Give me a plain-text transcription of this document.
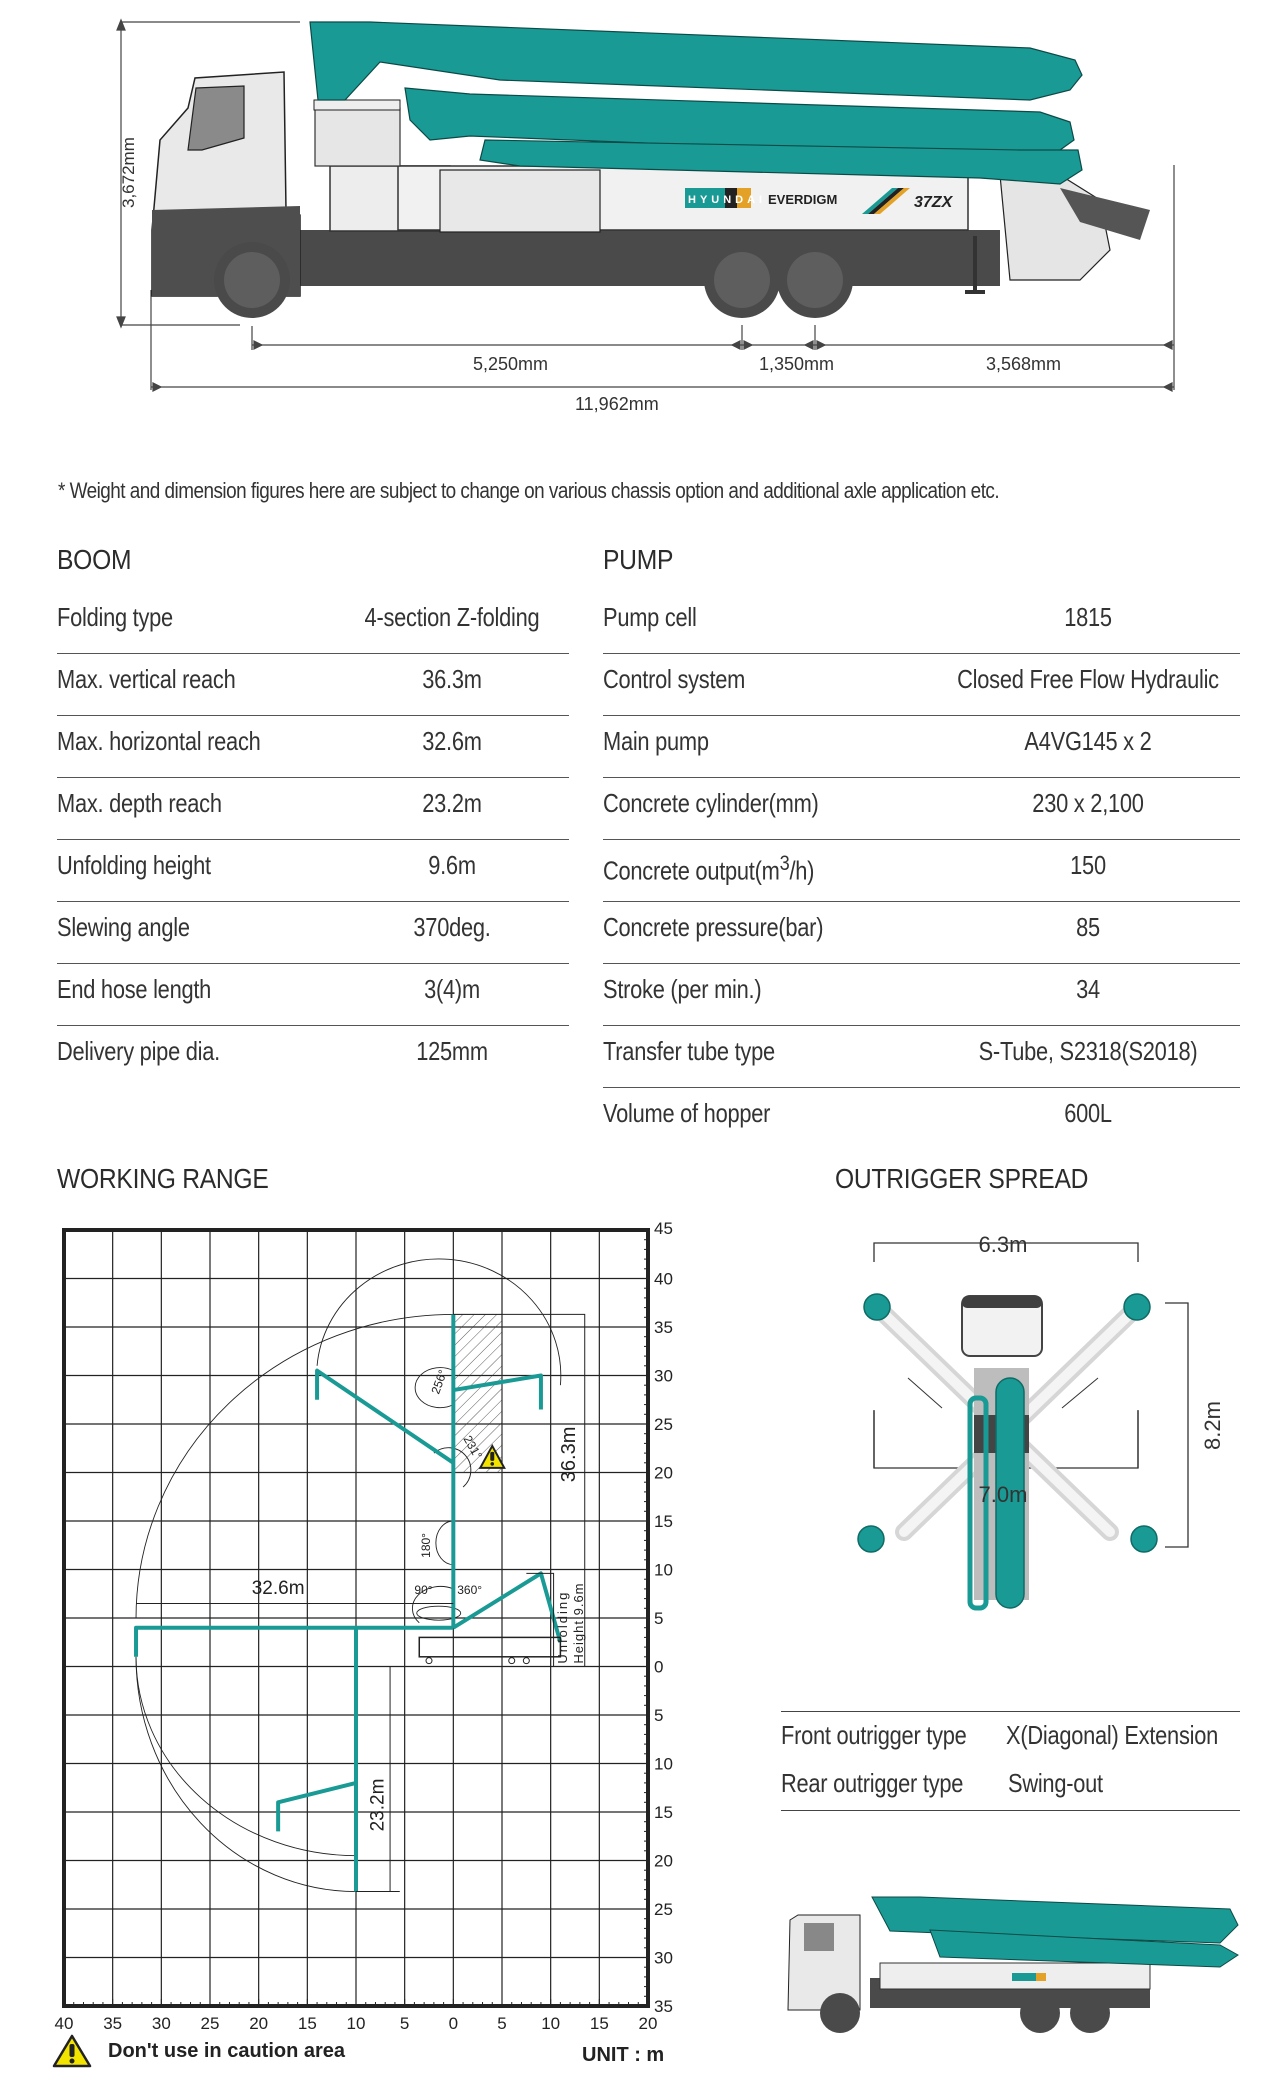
HYUNDAI EVERDIGM	37ZX
3,672mm
5,250mm	1,350mm	3,568mm
11,962mm
* Weight and dimension figures here are subject to change on various chassis option and additional axle application etc.
BOOM
Folding type	4-section Z-folding
Max. vertical reach	36.3m
Max. horizontal reach	32.6m
Max. depth reach	23.2m
Unfolding height	9.6m
Slewing angle	370deg.
End hose length	3(4)m
Delivery pipe dia.	125mm
PUMP
Pump cell	1815
Control system	Closed Free Flow Hydraulic
Main pump	A4VG145 x 2
Concrete cylinder(mm)	230 x 2,100
Concrete $output(m^3/h)$	150
Concrete pressure(bar)	85
Stroke (per min.)	34
Transfer tube type	S-Tube, S2318(S2018)
Volume of hopper	600L
WORKING RANGE
40 35 30 25 20 15 10 5 0 5 10 15 20
45
40
35
30
25
20
15
10
5
0
5
10
15
20
25
30
35
36.3m
32.6m
23.2m
Unfolding Height 9.6m
90° 360°
180°
231°
256°
Don't use in caution area	UNIT : m
OUTRIGGER SPREAD
6.3m
7.0m
8.2m
Front outrigger type X(Diagonal) Extension
Rear outrigger type Swing-out
